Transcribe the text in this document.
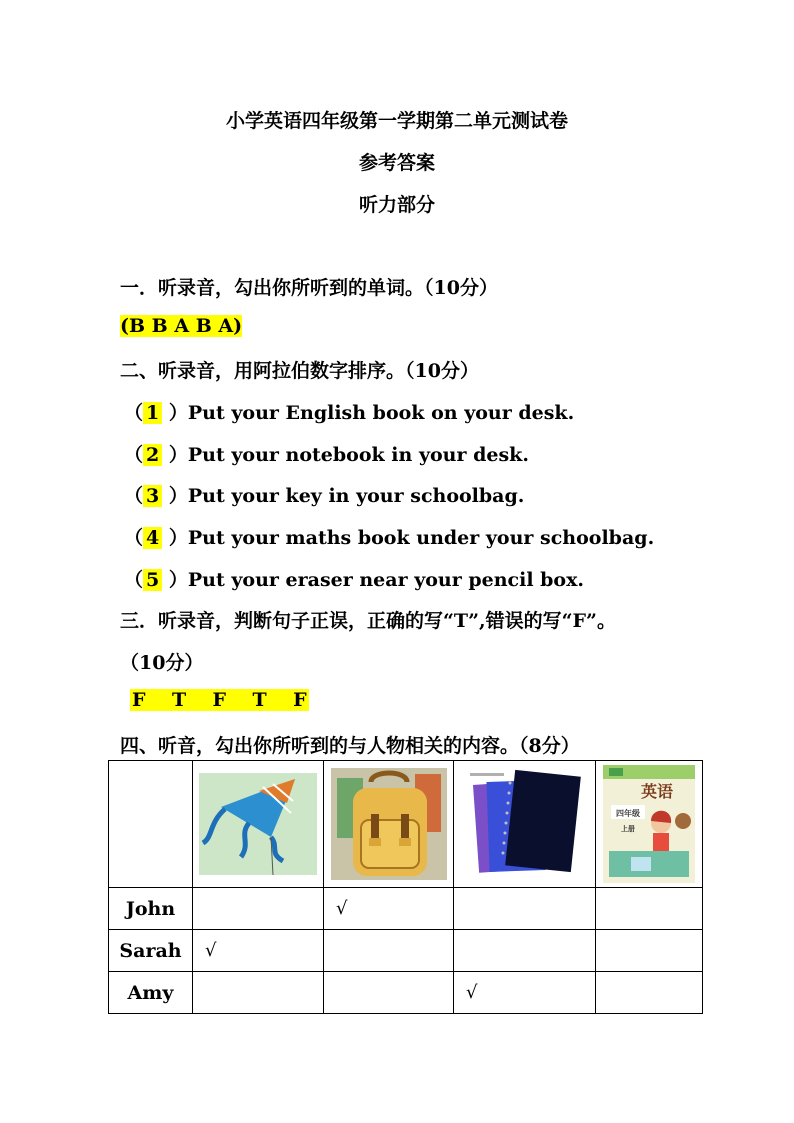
小学英语四年级第一学期第二单元测试卷
参考答案
听力部分
一．听录音，勾出你所听到的单词。（10分）
(B B A B A)
二、听录音，用阿拉伯数字排序。（10分）
（ 1 ）Put your English book on your desk.
（ 2 ）Put your notebook in your desk.
（ 3 ）Put your key in your schoolbag.
（ 4 ）Put your maths book under your schoolbag.
（ 5 ）Put your eraser near your pencil box.
三．听录音，判断句子正误，正确的写“T”,错误的写“F”。
（10分）
F    T    F    T    F
四、听音，勾出你所听到的与人物相关的内容。（8分）

英语
四年级
上册

John		√		
Sarah	√			
Amy			√	
